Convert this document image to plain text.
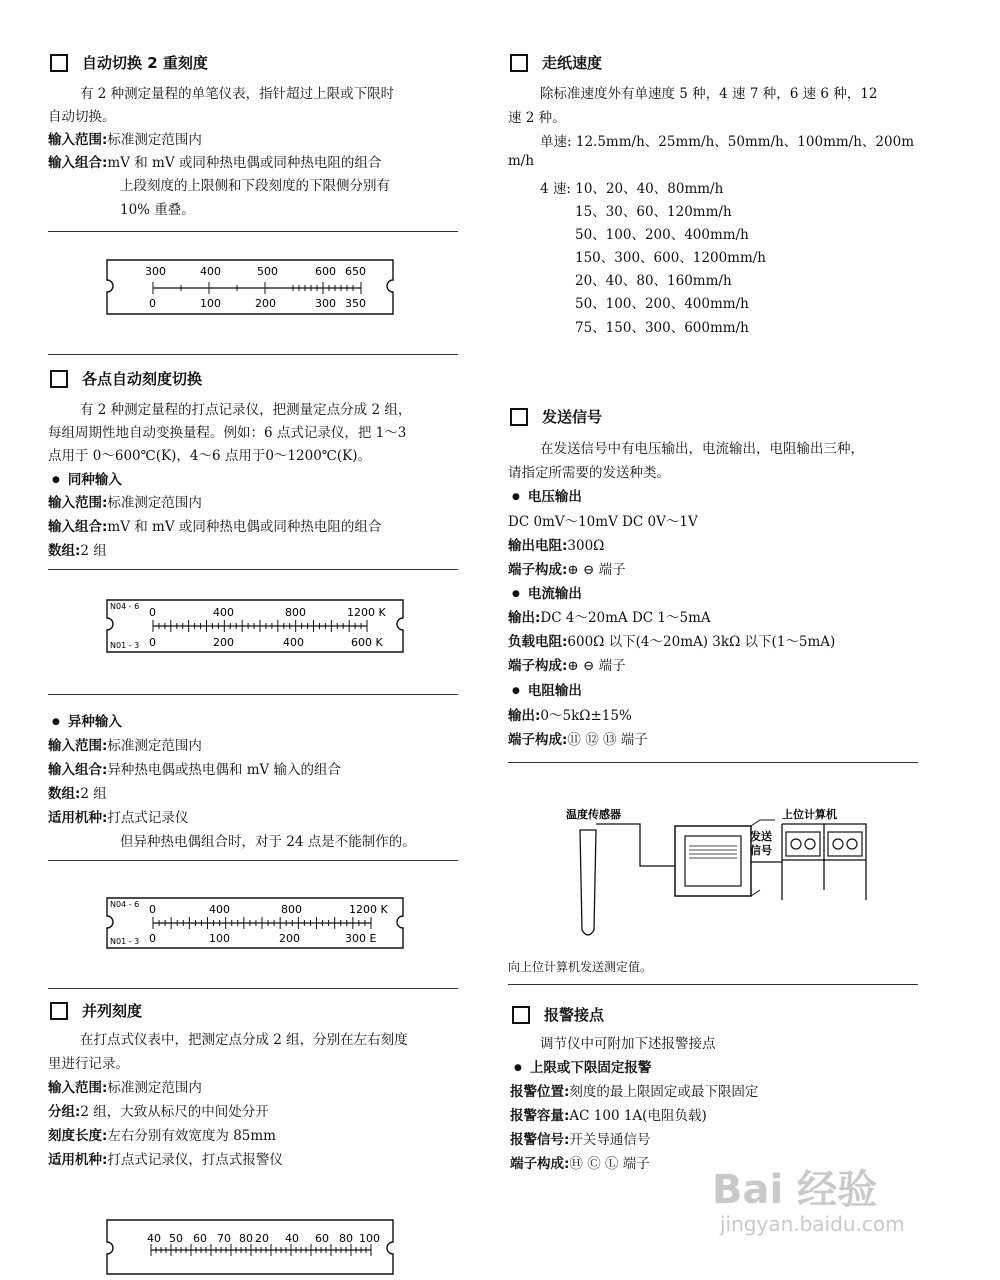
自动切换 2 重刻度
有 2 种测定量程的单笔仪表，指针超过上限或下限时
自动切换。
输入范围:标准测定范围内
输入组合:mV 和 mV 或同种热电偶或同种热电阻的组合
上段刻度的上限侧和下段刻度的下限侧分别有
10% 重叠。
300	400	500	600 650
0	100	200	300 350
各点自动刻度切换
有 2 种测定量程的打点记录仪，把测量定点分成 2 组，
每组周期性地自动变换量程。例如：6 点式记录仪，把 1～3
点用于 0～600℃(K)，4～6 点用于0～1200℃(K)。
● 同种输入
输入范围:标准测定范围内
输入组合:mV 和 mV 或同种热电偶或同种热电阻的组合
数组:2 组
N04 - 6
N01 - 3
0	400	800	1200 K
0	200	400	600 K
● 异种输入
输入范围:标准测定范围内
输入组合:异种热电偶或热电偶和 mV 输入的组合
数组:2 组
适用机种:打点式记录仪
但异种热电偶组合时，对于 24 点是不能制作的。
N04 - 6
N01 - 3
0	400	800	1200 K
0	100	200	300 E
并列刻度
在打点式仪表中，把测定点分成 2 组，分别在左右刻度
里进行记录。
输入范围:标准测定范围内
分组:2 组，大致从标尺的中间处分开
刻度长度:左右分别有效宽度为 85mm
适用机种:打点式记录仪，打点式报警仪
40 50 60 70 80 20 40 60 80 100
走纸速度
除标准速度外有单速度 5 种，4 速 7 种，6 速 6 种，12
速 2 种。
单速: 12.5mm/h、25mm/h、50mm/h、100mm/h、200m
m/h
4 速: 10、20、40、80mm/h
15、30、60、120mm/h
50、100、200、400mm/h
150、300、600、1200mm/h
20、40、80、160mm/h
50、100、200、400mm/h
75、150、300、600mm/h
发送信号
在发送信号中有电压输出，电流输出，电阻输出三种，
请指定所需要的发送种类。
● 电压输出
DC 0mV～10mV DC 0V～1V
输出电阻:300Ω
端子构成:⊕ ⊖ 端子
● 电流输出
输出:DC 4～20mA DC 1～5mA
负载电阻:600Ω 以下(4～20mA) 3kΩ 以下(1～5mA)
端子构成:⊕ ⊖ 端子
● 电阻输出
输出:0～5kΩ±15%
端子构成:⑪ ⑫ ⑬ 端子
温度传感器	上位计算机
发送
信号
向上位计算机发送测定值。
报警接点
调节仪中可附加下述报警接点
● 上限或下限固定报警
报警位置:刻度的最上限固定或最下限固定
报警容量:AC 100 1A(电阻负载)
报警信号:开关导通信号
端子构成:Ⓗ Ⓒ Ⓛ 端子
Bai 经验
jingyan.baidu.com
